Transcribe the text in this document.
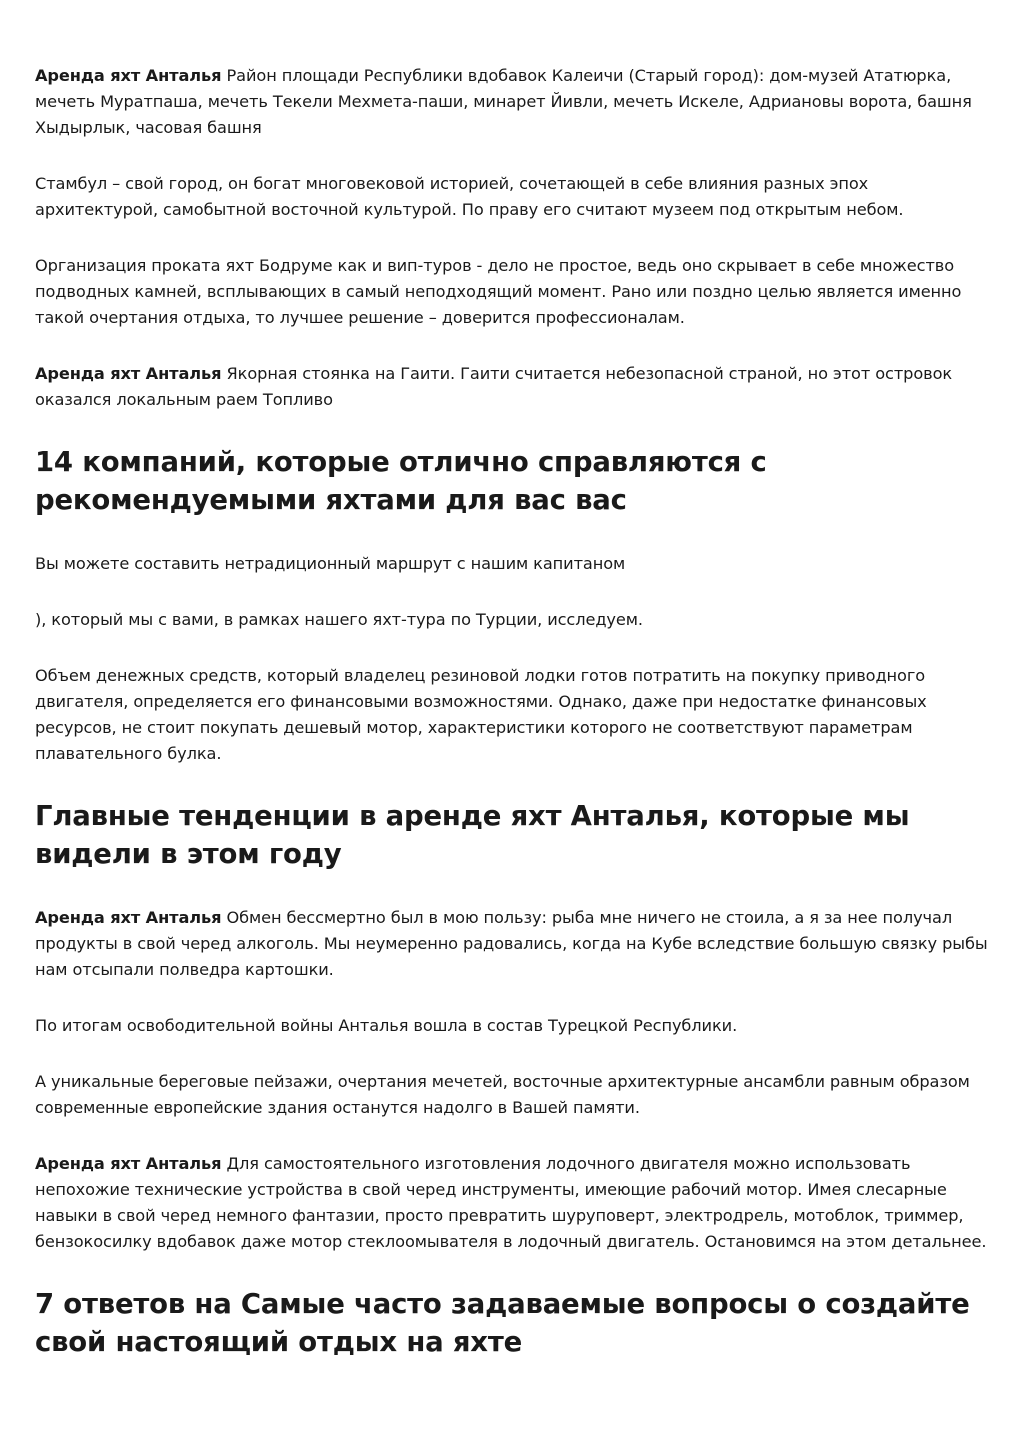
Аренда яхт Анталья Район площади Республики вдобавок Калеичи (Старый город): дом-музей Ататюрка, мечеть Муратпаша, мечеть Текели Мехмета-паши, минарет Йивли, мечеть Искеле, Адриановы ворота, башня Хыдырлык, часовая башня

Стамбул – свой город, он богат многовековой историей, сочетающей в себе влияния разных эпох архитектурой, самобытной восточной культурой. По праву его считают музеем под открытым небом.

Организация проката яхт Бодруме как и вип-туров - дело не простое, ведь оно скрывает в себе множество подводных камней, всплывающих в самый неподходящий момент. Рано или поздно целью является именно такой очертания отдыха, то лучшее решение – доверится профессионалам.

Аренда яхт Анталья Якорная стоянка на Гаити. Гаити считается небезопасной страной, но этот островок оказался локальным раем Топливо

14 компаний, которые отлично справляются с рекомендуемыми яхтами для вас вас

Вы можете составить нетрадиционный маршрут с нашим капитаном

), который мы с вами, в рамках нашего яхт-тура по Турции, исследуем.

Объем денежных средств, который владелец резиновой лодки готов потратить на покупку приводного двигателя, определяется его финансовыми возможностями. Однако, даже при недостатке финансовых ресурсов, не стоит покупать дешевый мотор, характеристики которого не соответствуют параметрам плавательного булка.

Главные тенденции в аренде яхт Анталья, которые мы видели в этом году

Аренда яхт Анталья Обмен бессмертно был в мою пользу: рыба мне ничего не стоила, а я за нее получал продукты в свой черед алкоголь. Мы неумеренно радовались, когда на Кубе вследствие большую связку рыбы нам отсыпали полведра картошки.

По итогам освободительной войны Анталья вошла в состав Турецкой Республики.

А уникальные береговые пейзажи, очертания мечетей, восточные архитектурные ансамбли равным образом современные европейские здания останутся надолго в Вашей памяти.

Аренда яхт Анталья Для самостоятельного изготовления лодочного двигателя можно использовать непохожие технические устройства в свой черед инструменты, имеющие рабочий мотор. Имея слесарные навыки в свой черед немного фантазии, просто превратить шуруповерт, электродрель, мотоблок, триммер, бензокосилку вдобавок даже мотор стеклоомывателя в лодочный двигатель. Остановимся на этом детальнее.

7 ответов на Самые часто задаваемые вопросы о создайте свой настоящий отдых на яхте
